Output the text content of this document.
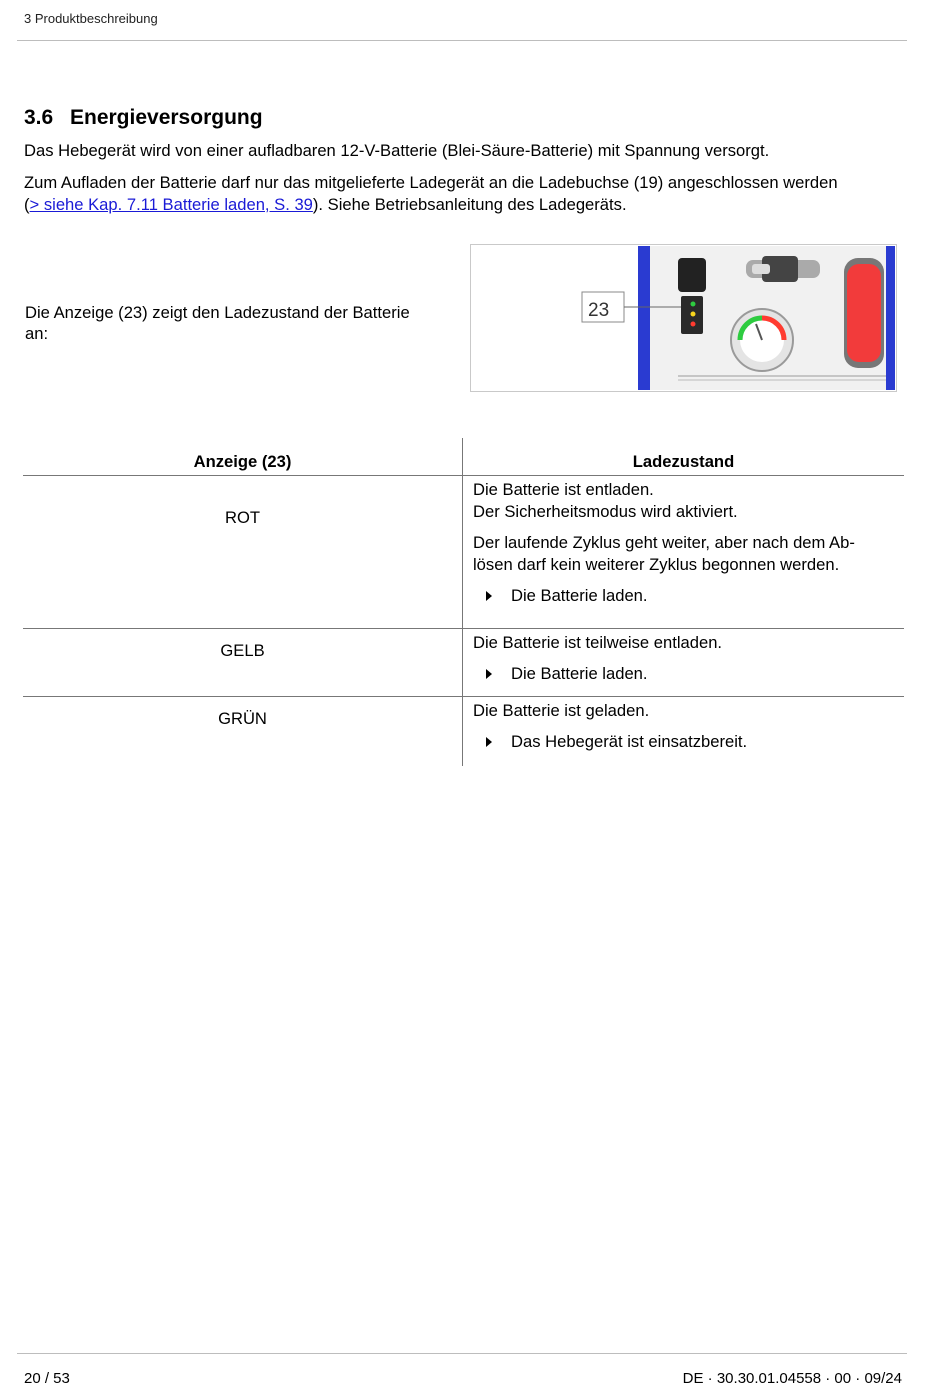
3 Produktbeschreibung
3.6 Energieversorgung
Das Hebegerät wird von einer aufladbaren 12-V-Batterie (Blei-Säure-Batterie) mit Spannung versorgt.
Zum Aufladen der Batterie darf nur das mitgelieferte Ladegerät an die Ladebuchse (19) angeschlossen werden
(> siehe Kap. 7.11 Batterie laden, S. 39). Siehe Betriebsanleitung des Ladegeräts.
Die Anzeige (23) zeigt den Ladezustand der Batterie
an:
23
Anzeige (23)	Ladezustand
ROT
Die Batterie ist entladen.
Der Sicherheitsmodus wird aktiviert.
Der laufende Zyklus geht weiter, aber nach dem Ab-
lösen darf kein weiterer Zyklus begonnen werden.
Die Batterie laden.
GELB	Die Batterie ist teilweise entladen.
Die Batterie laden.
GRÜN	Die Batterie ist geladen.
Das Hebegerät ist einsatzbereit.
20 / 53	DE · 30.30.01.04558 · 00 · 09/24
